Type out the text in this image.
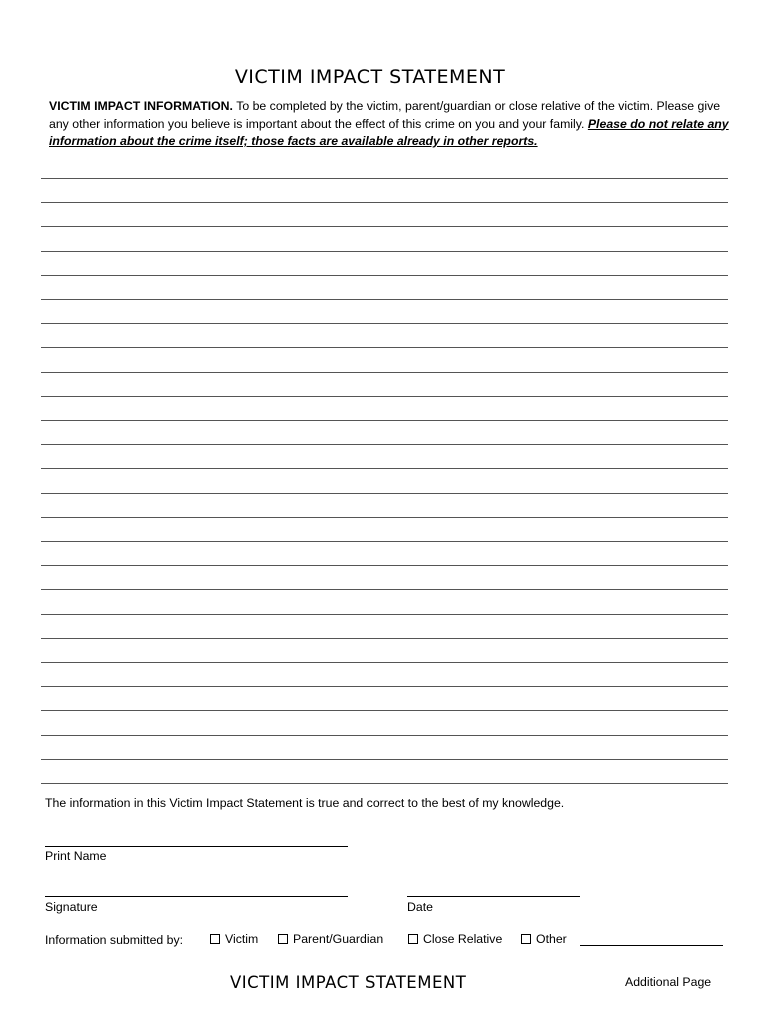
VICTIM IMPACT STATEMENT
VICTIM IMPACT INFORMATION. To be completed by the victim, parent/guardian or close relative of the victim. Please give any other information you believe is important about the effect of this crime on you and your family. Please do not relate any information about the crime itself; those facts are available already in other reports.
The information in this Victim Impact Statement is true and correct to the best of my knowledge.
Print Name
Signature	Date
Information submitted by:	Victim	Parent/Guardian	Close Relative	Other
VICTIM IMPACT STATEMENT	Additional Page
